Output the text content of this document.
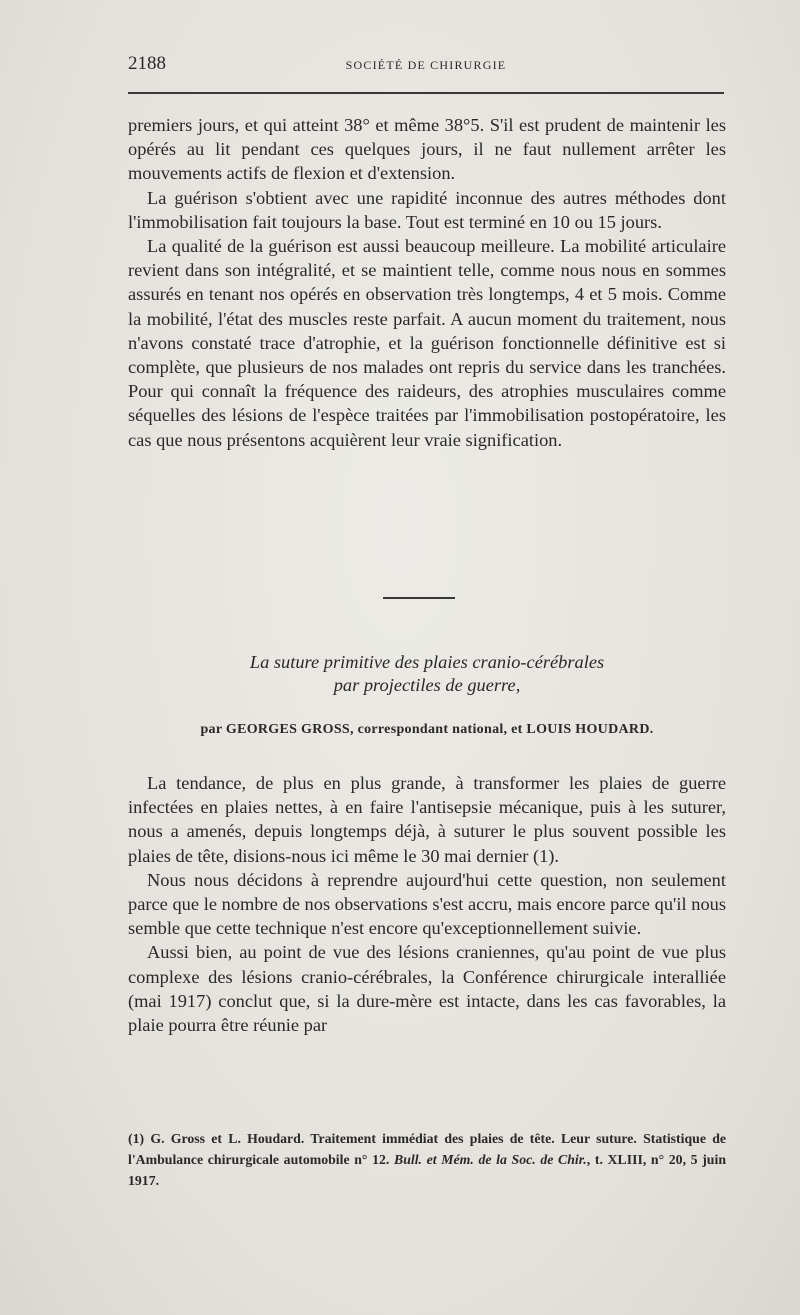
2188	SOCIÉTÉ DE CHIRURGIE

premiers jours, et qui atteint 38° et même 38°5. S'il est prudent de maintenir les opérés au lit pendant ces quelques jours, il ne faut nullement arrêter les mouvements actifs de flexion et d'extension.

La guérison s'obtient avec une rapidité inconnue des autres méthodes dont l'immobilisation fait toujours la base. Tout est terminé en 10 ou 15 jours.

La qualité de la guérison est aussi beaucoup meilleure. La mobilité articulaire revient dans son intégralité, et se maintient telle, comme nous nous en sommes assurés en tenant nos opérés en observation très longtemps, 4 et 5 mois. Comme la mobilité, l'état des muscles reste parfait. A aucun moment du traitement, nous n'avons constaté trace d'atrophie, et la guérison fonctionnelle définitive est si complète, que plusieurs de nos malades ont repris du service dans les tranchées. Pour qui connaît la fréquence des raideurs, des atrophies musculaires comme séquelles des lésions de l'espèce traitées par l'immobilisation postopératoire, les cas que nous présentons acquièrent leur vraie signification.

La suture primitive des plaies cranio-cérébrales
par projectiles de guerre,
par GEORGES GROSS, correspondant national, et LOUIS HOUDARD.

La tendance, de plus en plus grande, à transformer les plaies de guerre infectées en plaies nettes, à en faire l'antisepsie mécanique, puis à les suturer, nous a amenés, depuis longtemps déjà, à suturer le plus souvent possible les plaies de tête, disions-nous ici même le 30 mai dernier (1).

Nous nous décidons à reprendre aujourd'hui cette question, non seulement parce que le nombre de nos observations s'est accru, mais encore parce qu'il nous semble que cette technique n'est encore qu'exceptionnellement suivie.

Aussi bien, au point de vue des lésions craniennes, qu'au point de vue plus complexe des lésions cranio-cérébrales, la Conférence chirurgicale interalliée (mai 1917) conclut que, si la dure-mère est intacte, dans les cas favorables, la plaie pourra être réunie par

(1) G. Gross et L. Houdard. Traitement immédiat des plaies de tête. Leur suture. Statistique de l'Ambulance chirurgicale automobile n° 12. Bull. et Mém. de la Soc. de Chir., t. XLIII, n° 20, 5 juin 1917.
